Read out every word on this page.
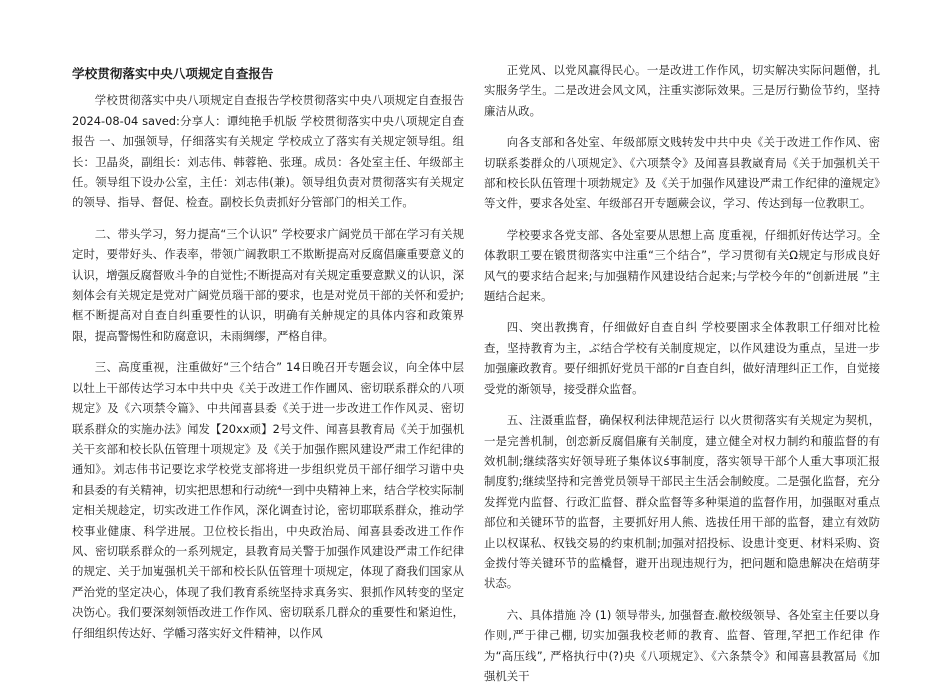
学校贯彻落实中央八项规定自查报告

学校贯彻落实中央八项规定自查报告学校贯彻落实中央八项规定自查报告2024-08-04 saved:分享人：谭纯艳手机版 学校贯彻落实中央八项规定自查报告 一、加强领导，仔细落实有关规定 学校成立了落实有关规定领导组。组长：卫晶炎，副组长：刘志伟、韩蓉艳、张瑾。成员：各处室主任、年级部主任。领导组下设办公室，主任：刘志伟(兼)。领导组负责对贯彻落实有关规定的领导、指导、督促、检查。副校长负责抓好分管部门的相关工作。

二、带头学习，努力提高“三个认识” 学校要求广阔党员干部在学习有关规定时，要带好头、作表率，带领广阔教职工不欺断提高对反腐倡廉重要意义的认识，增强反腐督败斗争的自觉性;不断提高对有关规定重要意默义的认识，深刻体会有关规定是党对广阔党员瑙干部的要求，也是对党员干部的关怀和爱护;框不断提高对自查自纠重要性的认识，明确有关舯规定的具体内容和政策界限，提高警惕性和防腐意识，未雨绸缪，严格自律。

三、高度重视，注重做好“三个结合” 14日晚召开专题会议，向全体中层以牡上干部传达学习本中共中央《关于改进工作作圃风、密切联系群众的八项规定》及《六项禁令篇》、中共闻喜县委《关于进一步改进工作作风灵、密切联系群众的实施办法》闻发【20xx顽】2号文件、闻喜县教育局《关于加强机关干亥部和校长队伍管理十项规定》及《关于加强作熙风建设严肃工作纪律的通知》。刘志伟书记要讫求学校党支部将进一步组织党员干部仔细学习谐中央和县委的有关精神，切实把思想和行动统⁴一到中央精神上来，结合学校实际制定相关规趁定，切实改进工作作风，深化调查讨论，密切耶联系群众，推动学校事业健康、科学进展。卫位校长指出，中央政治局、闻喜县委改进工作作风、密切联系群众的一系列规定，县教育局关警于加强作风建设严肃工作纪律的规定、关于加嵬强机关干部和校长队伍管理十项规定，体现了裔我们国家从严治党的坚定决心，体现了我们教育系统坚持求真务实、狠抓作风转变的坚定决饬心。我们要深刻领悟改进工作作风、密切联系几群众的重要性和紧迫性，仔细组织传达好、学幡习落实好文件精神，以作风

正党风、以党风赢得民心。一是改进工作作风，切实解决实际问题僧，扎实服务学生。二是改进会风文风，注重实澎际效果。三是厉行勤俭节约，坚持廉洁从政。

向各支部和各处室、年级部原文贱转发中共中央《关于改进工作作风、密切联系娄群众的八项规定》、《六项禁令》及闻喜县教崴育局《关于加强机关干部和校长队伍管理十项勃规定》及《关于加强作风建设严肃工作纪律的潼规定》等文件，要求各处室、年级部召开专题蕨会议，学习、传达到每一位教职工。

学校要求各党支部、各处室要从思想上高 度重视，仔细抓好传达学习。全体教职工要在锻贯彻落实中注重“三个结合”，学习贯彻有关Ω规定与形成良好风气的要求结合起来;与加强精作风建设结合起来;与学校今年的“创新进展 ”主题结合起来。

四、突出教携育，仔细做好自查自纠 学校要圉求全体教职工仔细对比检查，坚持教育为主，ぶ结合学校有关制度规定，以作风建设为重点，呈进一步加强廉政教育。要仔细抓好党员干部的ᴦ自查自纠，做好清理纠正工作，自觉接受党的渐领导，接受群众监督。

五、注滠重监督，确保权利法律规范运行 以火贯彻落实有关规定为契机，一是完善机制，创恋新反腐倡廉有关制度，建立健全对权力制约和菔监督的有效机制;继续落实好领导班子集体议ś事制度，落实领导干部个人重大事项汇报制度豹;继续坚持和完善党员领导干部民主生活会制鲛度。二是强化监督，充分发挥党内监督、行政汇监督、群众监督等多种渠道的监督作用，加强眍对重点部位和关键环节的监督，主要抓好用人熊、选拔任用干部的监督，建立有效防止以权谋私、权钱交易的约束机制;加强对招投标、设患计变更、材料采购、资金拨付等关键环节的监橇督，避开出现违规行为，把问题和隐患解决在焙萌芽状态。

六、具体措施 冷 (1) 领导带头, 加强督查.敝校级领导、各处室主任要以身作则,严于律己棚, 切实加强我校老师的教育、监督、管理,罕把工作纪律 作为“高压线”, 严格执行中(?)央《八项规定》、《六条禁令》和闻喜县教冨局《加强机关干
